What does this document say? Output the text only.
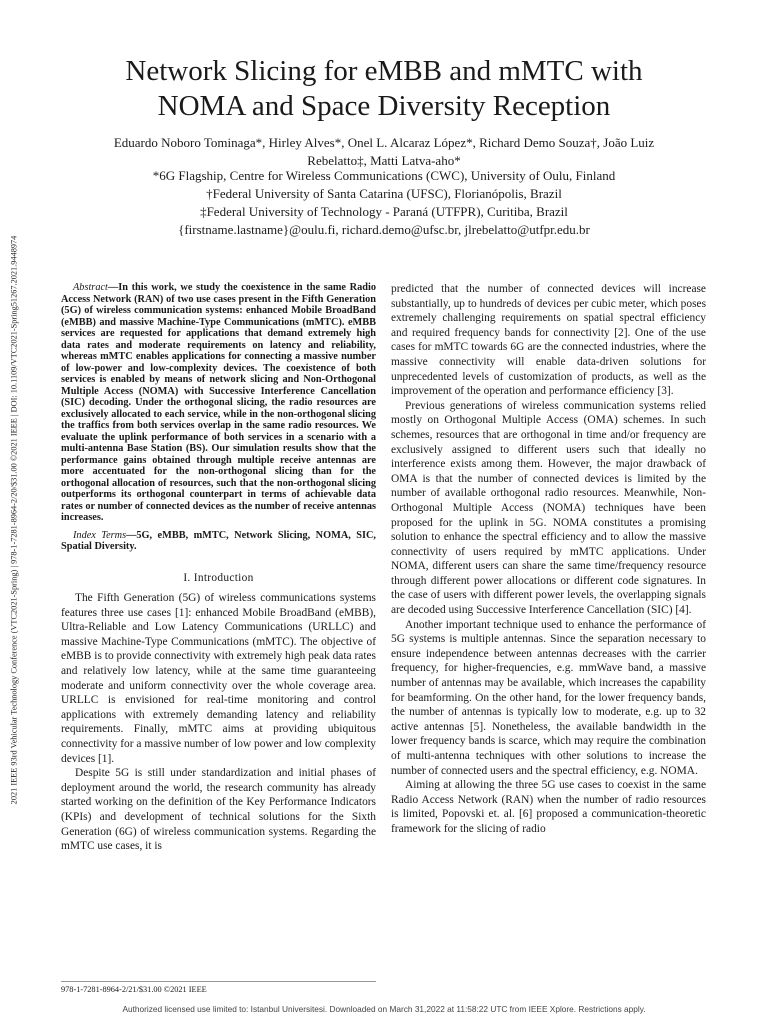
2021 IEEE 93rd Vehicular Technology Conference (VTC2021-Spring) | 978-1-7281-8964-2/20/$31.00 ©2021 IEEE | DOI: 10.1109/VTC2021-Spring51267.2021.9448974
Network Slicing for eMBB and mMTC with
NOMA and Space Diversity Reception
Eduardo Noboro Tominaga*, Hirley Alves*, Onel L. Alcaraz López*, Richard Demo Souza†, João Luiz
Rebelatto‡, Matti Latva-aho*
*6G Flagship, Centre for Wireless Communications (CWC), University of Oulu, Finland
†Federal University of Santa Catarina (UFSC), Florianópolis, Brazil
‡Federal University of Technology - Paraná (UTFPR), Curitiba, Brazil
{firstname.lastname}@oulu.fi, richard.demo@ufsc.br, jlrebelatto@utfpr.edu.br

Abstract—In this work, we study the coexistence in the same Radio Access Network (RAN) of two use cases present in the Fifth Generation (5G) of wireless communication systems: enhanced Mobile BroadBand (eMBB) and massive Machine-Type Communications (mMTC). eMBB services are requested for applications that demand extremely high data rates and moderate requirements on latency and reliability, whereas mMTC enables applications for connecting a massive number of low-power and low-complexity devices. The coexistence of both services is enabled by means of network slicing and Non-Orthogonal Multiple Access (NOMA) with Successive Interference Cancellation (SIC) decoding. Under the orthogonal slicing, the radio resources are exclusively allocated to each service, while in the non-orthogonal slicing the traffics from both services overlap in the same radio resources. We evaluate the uplink performance of both services in a scenario with a multi-antenna Base Station (BS). Our simulation results show that the performance gains obtained through multiple receive antennas are more accentuated for the non-orthogonal slicing than for the orthogonal allocation of resources, such that the non-orthogonal slicing outperforms its orthogonal counterpart in terms of achievable data rates or number of connected devices as the number of receive antennas increases.

Index Terms—5G, eMBB, mMTC, Network Slicing, NOMA, SIC, Spatial Diversity.

I. Introduction

The Fifth Generation (5G) of wireless communications systems features three use cases [1]: enhanced Mobile BroadBand (eMBB), Ultra-Reliable and Low Latency Communications (URLLC) and massive Machine-Type Communications (mMTC). The objective of eMBB is to provide connectivity with extremely high peak data rates and relatively low latency, while at the same time guaranteeing moderate and uniform connectivity over the whole coverage area. URLLC is envisioned for real-time monitoring and control applications with extremely demanding latency and reliability requirements. Finally, mMTC aims at providing ubiquitous connectivity for a massive number of low power and low complexity devices [1].

Despite 5G is still under standardization and initial phases of deployment around the world, the research community has already started working on the definition of the Key Performance Indicators (KPIs) and development of technical solutions for the Sixth Generation (6G) of wireless communication systems. Regarding the mMTC use cases, it is

predicted that the number of connected devices will increase substantially, up to hundreds of devices per cubic meter, which poses extremely challenging requirements on spatial spectral efficiency and required frequency bands for connectivity [2]. One of the use cases for mMTC towards 6G are the connected industries, where the massive connectivity will enable data-driven solutions for unprecedented levels of customization of products, as well as the improvement of the operation and performance efficiency [3].

Previous generations of wireless communication systems relied mostly on Orthogonal Multiple Access (OMA) schemes. In such schemes, resources that are orthogonal in time and/or frequency are exclusively assigned to different users such that ideally no interference exists among them. However, the major drawback of OMA is that the number of connected devices is limited by the number of available orthogonal radio resources. Meanwhile, Non-Orthogonal Multiple Access (NOMA) techniques have been proposed for the uplink in 5G. NOMA constitutes a promising solution to enhance the spectral efficiency and to allow the massive connectivity of users required by mMTC applications. Under NOMA, different users can share the same time/frequency resource through different power allocations or different code signatures. In the case of users with different power levels, the overlapping signals are decoded using Successive Interference Cancellation (SIC) [4].

Another important technique used to enhance the performance of 5G systems is multiple antennas. Since the separation necessary to ensure independence between antennas decreases with the carrier frequency, for higher-frequencies, e.g. mmWave band, a massive number of antennas may be available, which increases the capability for beamforming. On the other hand, for the lower frequency bands, the number of antennas is typically low to moderate, e.g. up to 32 active antennas [5]. Nonetheless, the available bandwidth in the lower frequency bands is scarce, which may require the combination of multi-antenna techniques with other solutions to increase the number of connected users and the spectral efficiency, e.g. NOMA.

Aiming at allowing the three 5G use cases to coexist in the same Radio Access Network (RAN) when the number of radio resources is limited, Popovski et. al. [6] proposed a communication-theoretic framework for the slicing of radio

978-1-7281-8964-2/21/$31.00 ©2021 IEEE
Authorized licensed use limited to: Istanbul Universitesi. Downloaded on March 31,2022 at 11:58:22 UTC from IEEE Xplore. Restrictions apply.
